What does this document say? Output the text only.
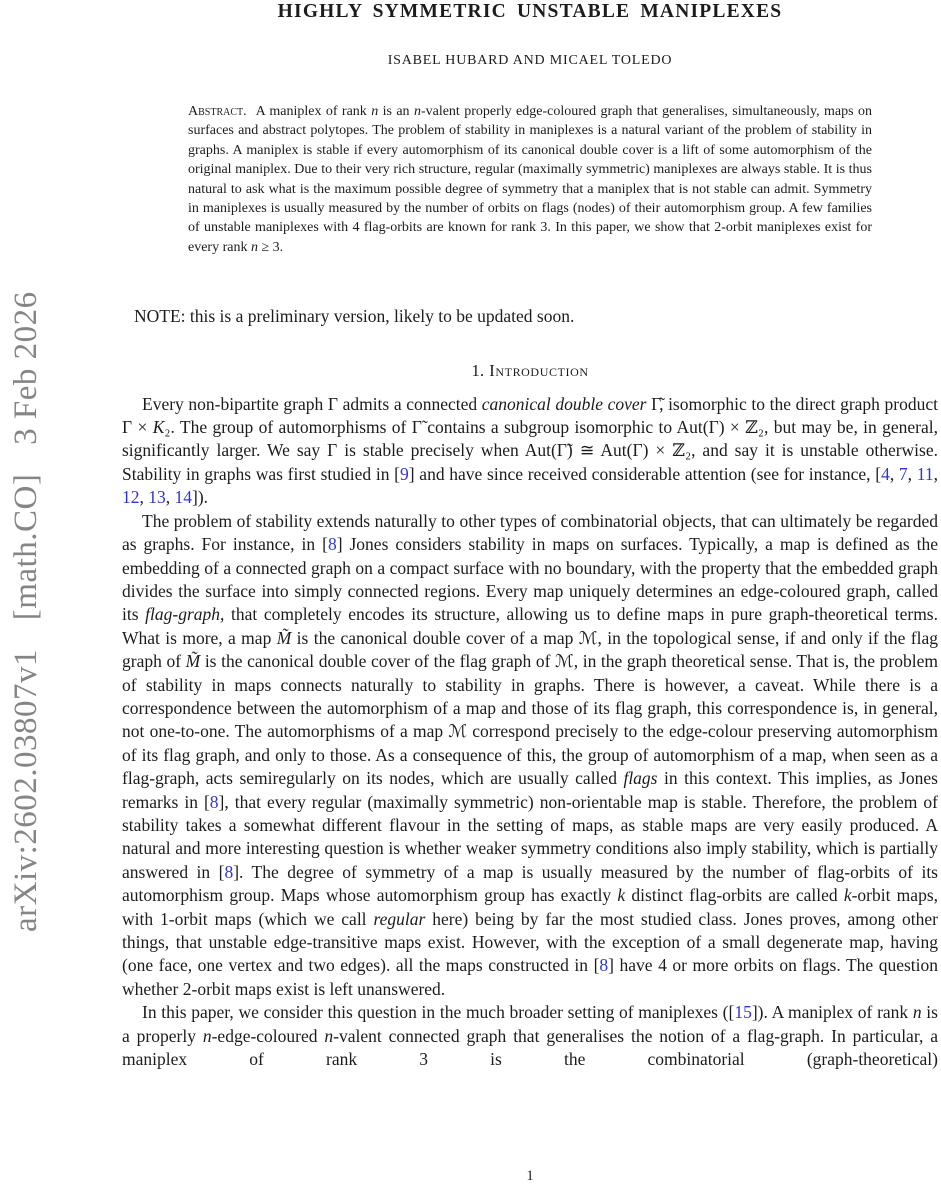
arXiv:2602.03807v1 [math.CO] 3 Feb 2026
HIGHLY SYMMETRIC UNSTABLE MANIPLEXES
ISABEL HUBARD AND MICAEL TOLEDO
Abstract. A maniplex of rank n is an n-valent properly edge-coloured graph that generalises, simultaneously, maps on surfaces and abstract polytopes. The problem of stability in maniplexes is a natural variant of the problem of stability in graphs. A maniplex is stable if every automorphism of its canonical double cover is a lift of some automorphism of the original maniplex. Due to their very rich structure, regular (maximally symmetric) maniplexes are always stable. It is thus natural to ask what is the maximum possible degree of symmetry that a maniplex that is not stable can admit. Symmetry in maniplexes is usually measured by the number of orbits on flags (nodes) of their automorphism group. A few families of unstable maniplexes with 4 flag-orbits are known for rank 3. In this paper, we show that 2-orbit maniplexes exist for every rank n ≥ 3.

NOTE: this is a preliminary version, likely to be updated soon.

1. Introduction

Every non-bipartite graph Γ admits a connected canonical double cover Γ̃, isomorphic to the direct graph product Γ × K₂. The group of automorphisms of Γ̃ contains a subgroup isomorphic to Aut(Γ) × ℤ₂, but may be, in general, significantly larger. We say Γ is stable precisely when Aut(Γ̃) ≅ Aut(Γ) × ℤ₂, and say it is unstable otherwise. Stability in graphs was first studied in [9] and have since received considerable attention (see for instance, [4, 7, 11, 12, 13, 14]).

The problem of stability extends naturally to other types of combinatorial objects, that can ultimately be regarded as graphs. For instance, in [8] Jones considers stability in maps on surfaces. Typically, a map is defined as the embedding of a connected graph on a compact surface with no boundary, with the property that the embedded graph divides the surface into simply connected regions. Every map uniquely determines an edge-coloured graph, called its flag-graph, that completely encodes its structure, allowing us to define maps in pure graph-theoretical terms. What is more, a map M̃ is the canonical double cover of a map ℳ, in the topological sense, if and only if the flag graph of M̃ is the canonical double cover of the flag graph of ℳ, in the graph theoretical sense. That is, the problem of stability in maps connects naturally to stability in graphs. There is however, a caveat. While there is a correspondence between the automorphism of a map and those of its flag graph, this correspondence is, in general, not one-to-one. The automorphisms of a map ℳ correspond precisely to the edge-colour preserving automorphism of its flag graph, and only to those. As a consequence of this, the group of automorphism of a map, when seen as a flag-graph, acts semiregularly on its nodes, which are usually called flags in this context. This implies, as Jones remarks in [8], that every regular (maximally symmetric) non-orientable map is stable. Therefore, the problem of stability takes a somewhat different flavour in the setting of maps, as stable maps are very easily produced. A natural and more interesting question is whether weaker symmetry conditions also imply stability, which is partially answered in [8]. The degree of symmetry of a map is usually measured by the number of flag-orbits of its automorphism group. Maps whose automorphism group has exactly k distinct flag-orbits are called k-orbit maps, with 1-orbit maps (which we call regular here) being by far the most studied class. Jones proves, among other things, that unstable edge-transitive maps exist. However, with the exception of a small degenerate map, having (one face, one vertex and two edges). all the maps constructed in [8] have 4 or more orbits on flags. The question whether 2-orbit maps exist is left unanswered.

In this paper, we consider this question in the much broader setting of maniplexes ([15]). A maniplex of rank n is a properly n-edge-coloured n-valent connected graph that generalises the notion of a flag-graph. In particular, a maniplex of rank 3 is the combinatorial (graph-theoretical)

1
